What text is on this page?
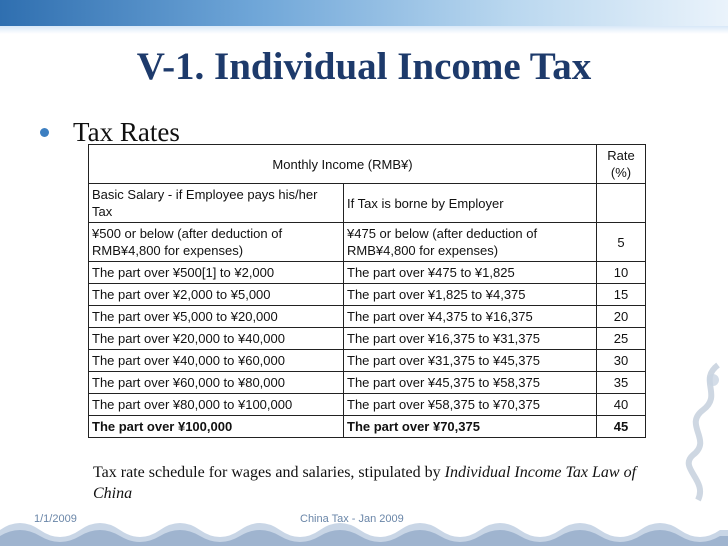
V-1. Individual Income Tax
Tax Rates
Monthly Income (RMB¥)		Rate (%)
Basic Salary - if Employee pays his/her Tax	If Tax is borne by Employer	
¥500 or below (after deduction of RMB¥4,800 for expenses)	¥475 or below (after deduction of RMB¥4,800 for expenses)	5
The part over ¥500[1] to ¥2,000	The part over ¥475 to ¥1,825	10
The part over ¥2,000 to ¥5,000	The part over ¥1,825 to ¥4,375	15
The part over ¥5,000 to ¥20,000	The part over ¥4,375 to ¥16,375	20
The part over ¥20,000 to ¥40,000	The part over ¥16,375 to ¥31,375	25
The part over ¥40,000 to ¥60,000	The part over ¥31,375 to ¥45,375	30
The part over ¥60,000 to ¥80,000	The part over ¥45,375 to ¥58,375	35
The part over ¥80,000 to ¥100,000	The part over ¥58,375 to ¥70,375	40
The part over ¥100,000	The part over ¥70,375	45
Tax rate schedule for wages and salaries, stipulated by Individual Income Tax Law of China
1/1/2009	China Tax - Jan 2009
